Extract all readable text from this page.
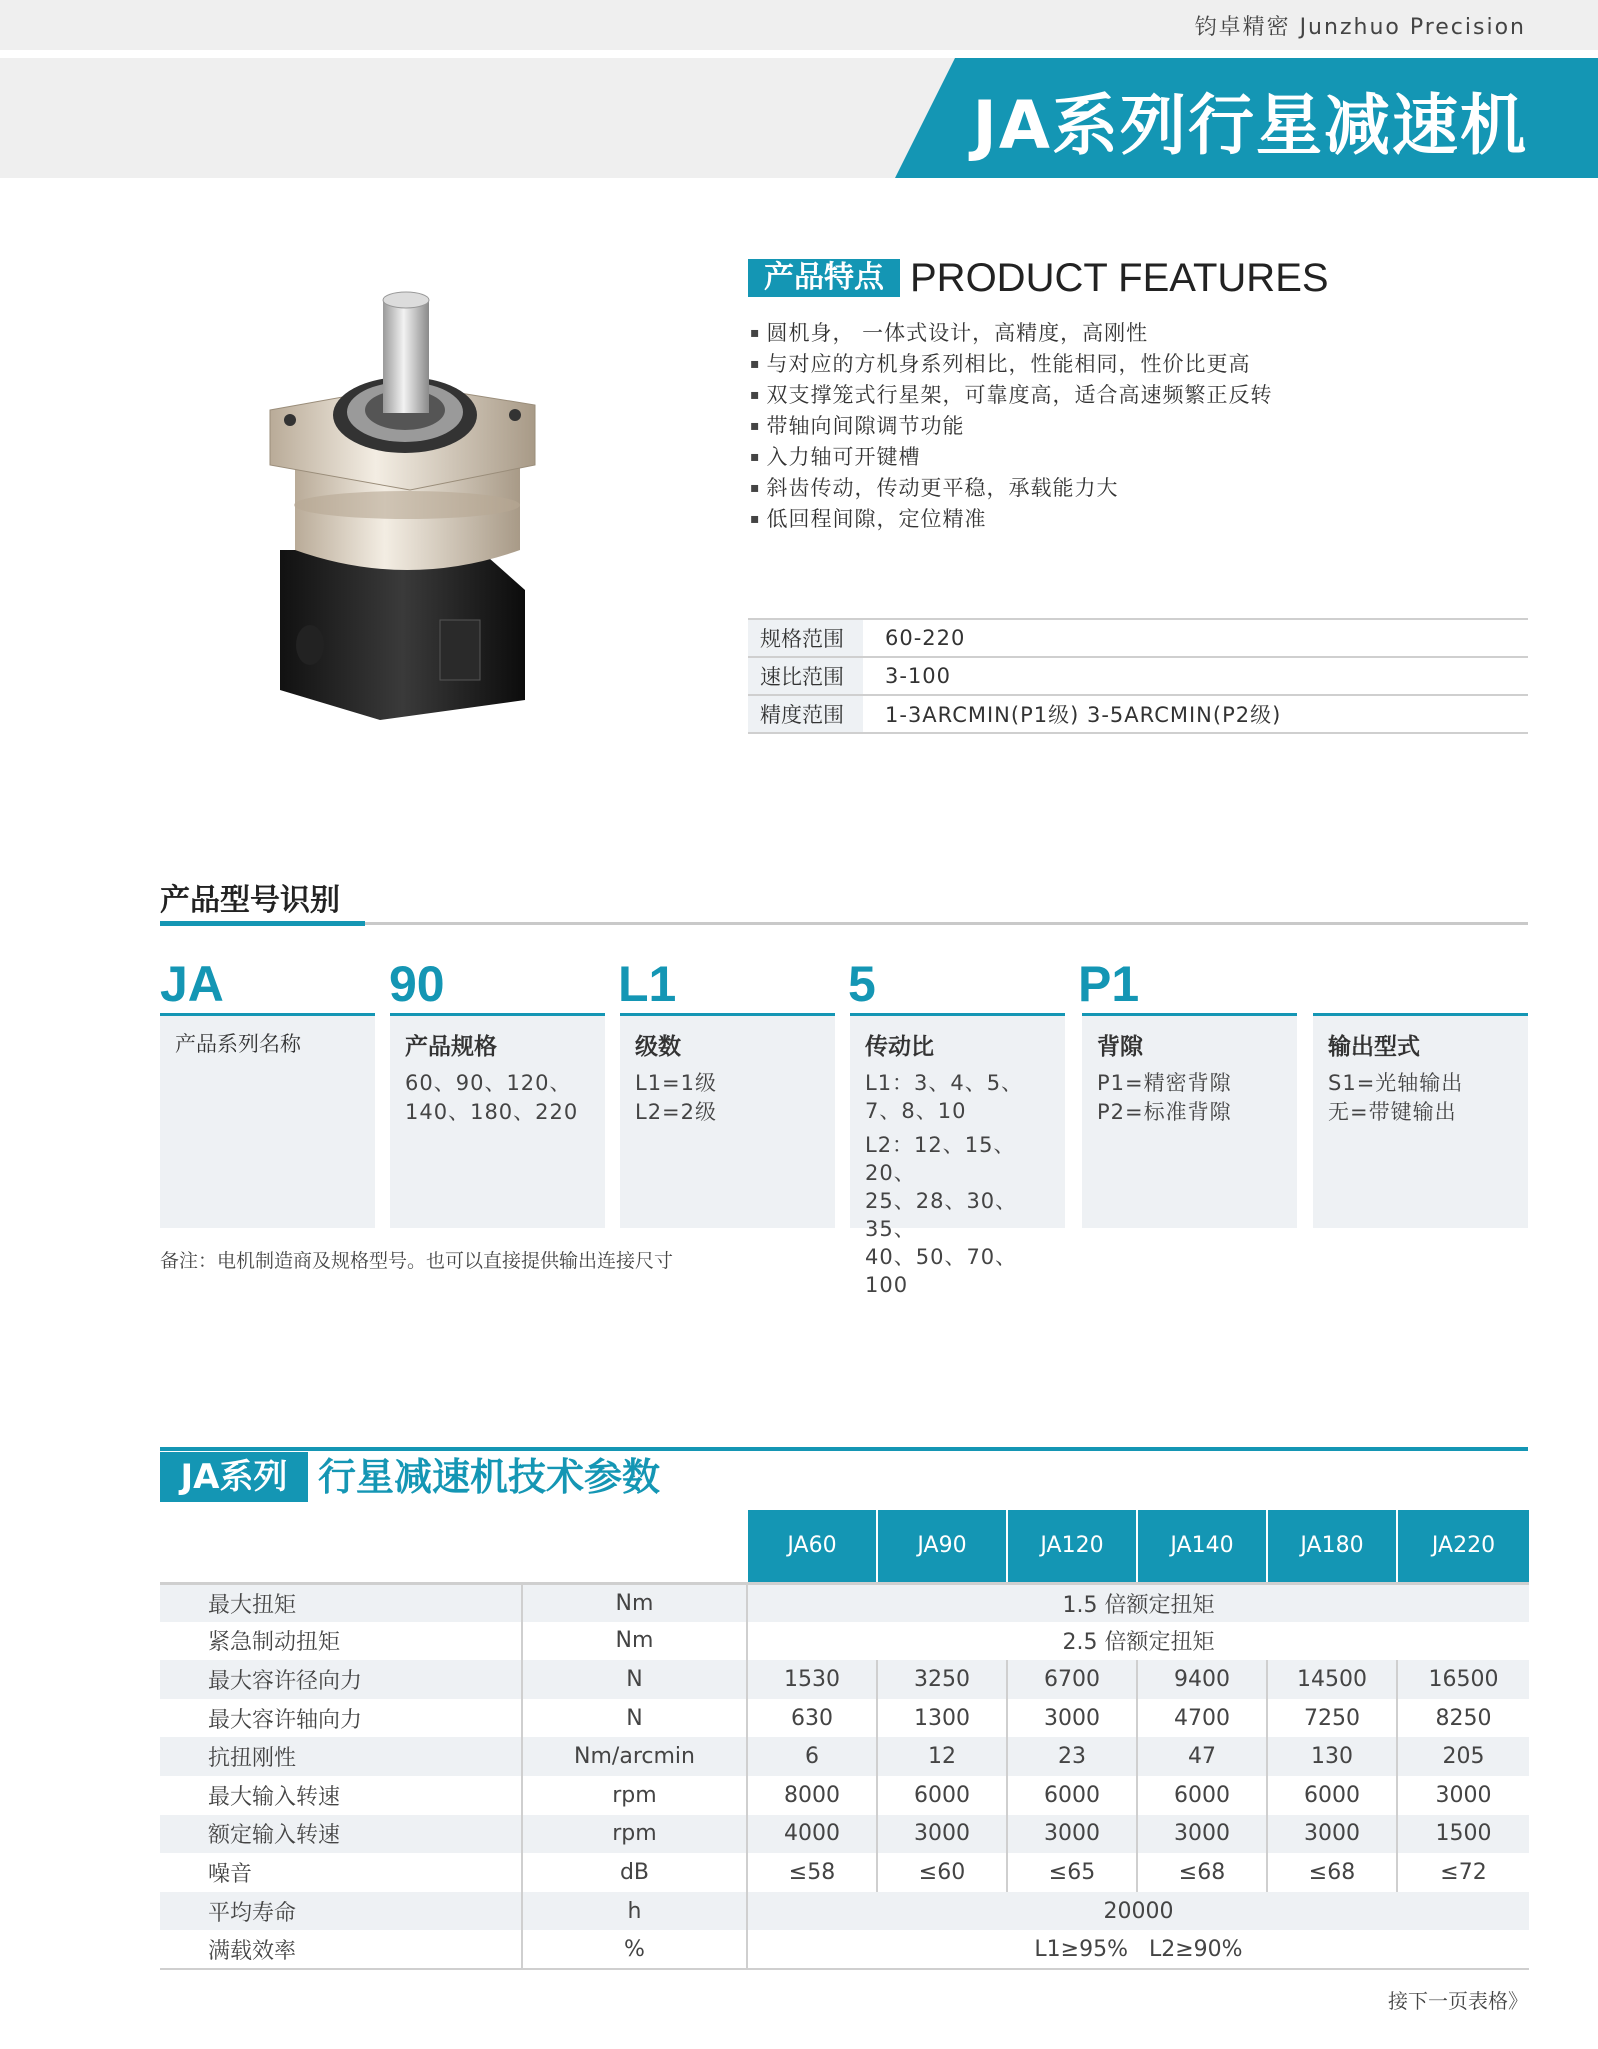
钧卓精密 Junzhuo Precision
JA系列行星减速机
产品特点 PRODUCT FEATURES
▪ 圆机身， 一体式设计，高精度，高刚性
▪ 与对应的方机身系列相比，性能相同，性价比更高
▪ 双支撑笼式行星架，可靠度高，适合高速频繁正反转
▪ 带轴向间隙调节功能
▪ 入力轴可开键槽
▪ 斜齿传动，传动更平稳，承载能力大
▪ 低回程间隙，定位精准
规格范围	60-220
速比范围	3-100
精度范围	1-3ARCMIN(P1级) 3-5ARCMIN(P2级)
产品型号识别
JA	90	L1	5	P1
产品系列名称	产品规格
60、90、120、
140、180、220
级数
L1=1级
L2=2级
传动比
L1：3、4、5、
7、8、10
L2：12、15、20、
25、28、30、35、
40、50、70、100
背隙
P1=精密背隙
P2=标准背隙
输出型式
S1=光轴输出
无=带键输出
备注：电机制造商及规格型号。也可以直接提供输出连接尺寸
JA系列 行星减速机技术参数
		JA60	JA90	JA120	JA140	JA180	JA220
最大扭矩	Nm	1.5 倍额定扭矩					
紧急制动扭矩	Nm	2.5 倍额定扭矩					
最大容许径向力	N	1530	3250	6700	9400	14500	16500
最大容许轴向力	N	630	1300	3000	4700	7250	8250
抗扭刚性	Nm/arcmin	6	12	23	47	130	205
最大输入转速	rpm	8000	6000	6000	6000	6000	3000
额定输入转速	rpm	4000	3000	3000	3000	3000	1500
噪音	dB	≤58	≤60	≤65	≤68	≤68	≤72
平均寿命	h	20000					
满载效率	%	L1≥95%   L2≥90%					
接下一页表格》
